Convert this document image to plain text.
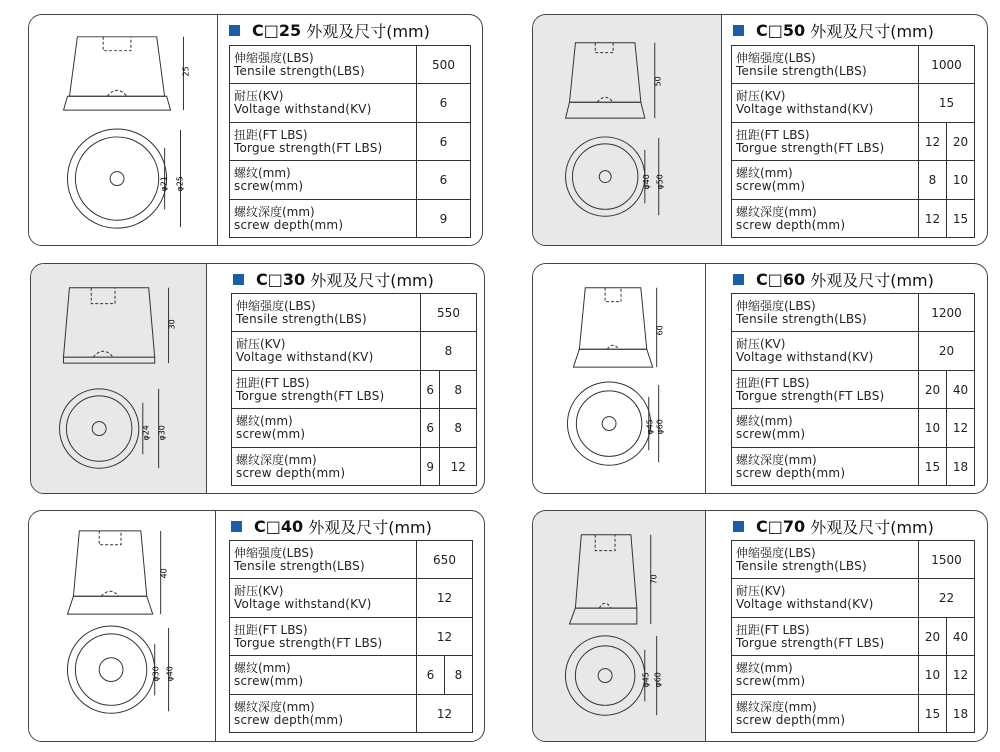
25
φ21 φ25
C□25
外观及尺寸(mm)
伸缩强度(LBS)
Tensile strength(LBS)	500

耐压(KV)
Voltage withstand(KV)	6

扭距(FT LBS)
Torgue strength(FT LBS)	6

螺纹(mm)
screw(mm)	6

螺纹深度(mm)
screw depth(mm)	9
50
φ40 φ50
C□50
外观及尺寸(mm)
伸缩强度(LBS)
Tensile strength(LBS)	1000	

耐压(KV)
Voltage withstand(KV)	15	

扭距(FT LBS)
Torgue strength(FT LBS)	12	20

螺纹(mm)
screw(mm)	8	10

螺纹深度(mm)
screw depth(mm)	12	15
30
φ24 φ30
C□30
外观及尺寸(mm)
伸缩强度(LBS)
Tensile strength(LBS)	550	

耐压(KV)
Voltage withstand(KV)	8	

扭距(FT LBS)
Torgue strength(FT LBS)	6	8

螺纹(mm)
screw(mm)	6	8

螺纹深度(mm)
screw depth(mm)	9	12
60
φ45 φ60
C□60
外观及尺寸(mm)
伸缩强度(LBS)
Tensile strength(LBS)	1200	

耐压(KV)
Voltage withstand(KV)	20	

扭距(FT LBS)
Torgue strength(FT LBS)	20	40

螺纹(mm)
screw(mm)	10	12

螺纹深度(mm)
screw depth(mm)	15	18
40
φ30 φ40
C□40
外观及尺寸(mm)
伸缩强度(LBS)
Tensile strength(LBS)	650	

耐压(KV)
Voltage withstand(KV)	12	

扭距(FT LBS)
Torgue strength(FT LBS)	12	

螺纹(mm)
screw(mm)	6	8

螺纹深度(mm)
screw depth(mm)	12	
70
φ45 φ60
C□70
外观及尺寸(mm)
伸缩强度(LBS)
Tensile strength(LBS)	1500	

耐压(KV)
Voltage withstand(KV)	22	

扭距(FT LBS)
Torgue strength(FT LBS)	20	40

螺纹(mm)
screw(mm)	10	12

螺纹深度(mm)
screw depth(mm)	15	18
